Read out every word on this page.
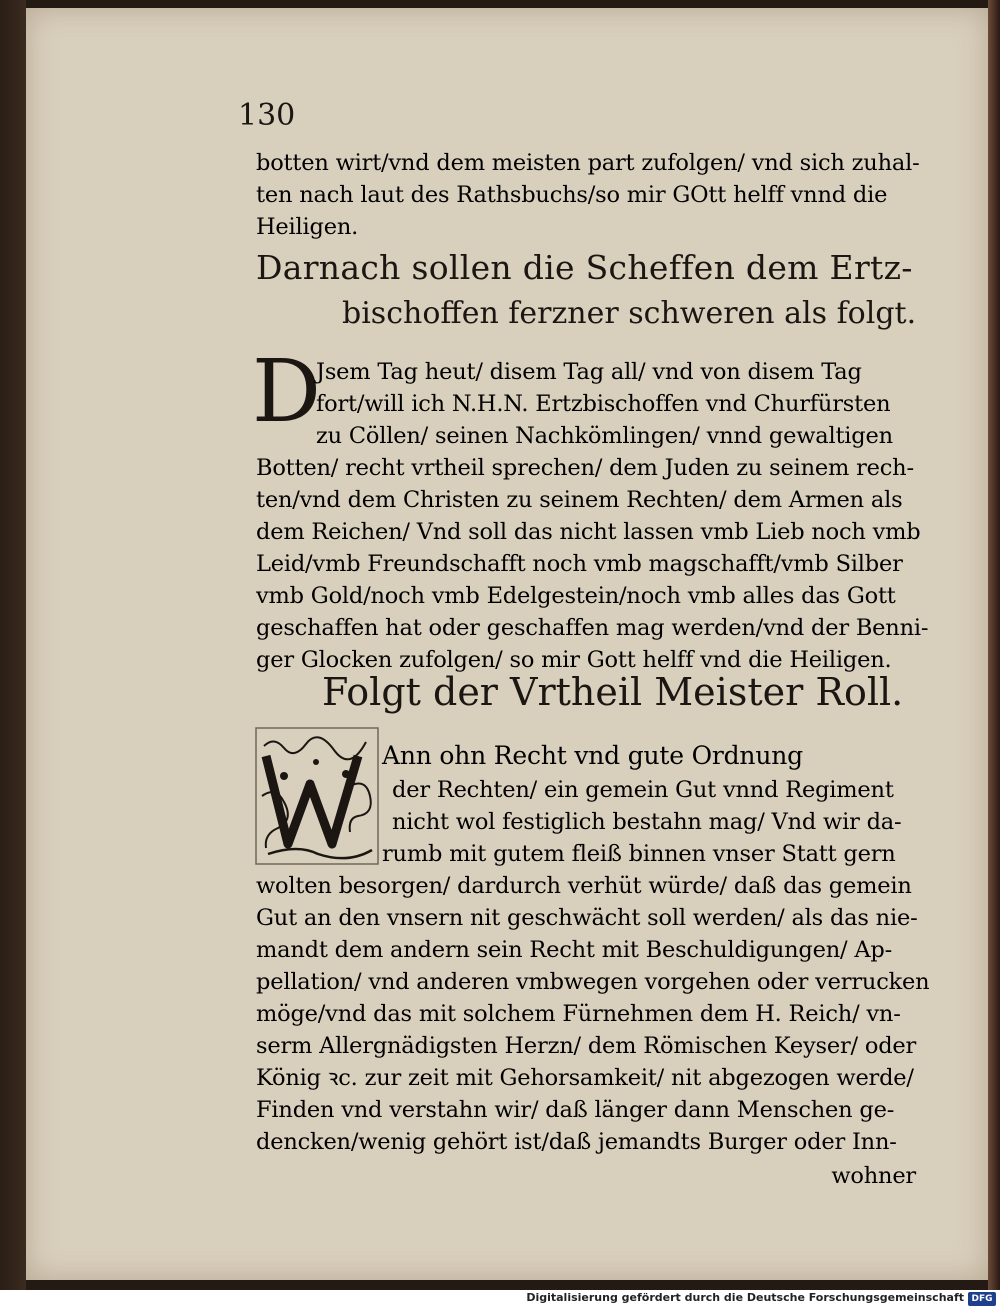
130
botten wirt/vnd dem meisten part zufolgen/ vnd sich zuhal-
ten nach laut des Rathsbuchs/so mir GOtt helff vnnd die
Heiligen.
Darnach sollen die Scheffen dem Ertz-
bischoffen ferzner schweren als folgt.
D
Jsem Tag heut/ disem Tag all/ vnd von disem Tag
fort/will ich N.H.N. Ertzbischoffen vnd Churfürsten
zu Cöllen/ seinen Nachkömlingen/ vnnd gewaltigen
Botten/ recht vrtheil sprechen/ dem Juden zu seinem rech-
ten/vnd dem Christen zu seinem Rechten/ dem Armen als
dem Reichen/ Vnd soll das nicht lassen vmb Lieb noch vmb
Leid/vmb Freundschafft noch vmb magschafft/vmb Silber
vmb Gold/noch vmb Edelgestein/noch vmb alles das Gott
geschaffen hat oder geschaffen mag werden/vnd der Benni-
ger Glocken zufolgen/ so mir Gott helff vnd die Heiligen.
Folgt der Vrtheil Meister Roll.
Ann ohn Recht vnd gute Ordnung
der Rechten/ ein gemein Gut vnnd Regiment
nicht wol festiglich bestahn mag/ Vnd wir da-
rumb mit gutem fleiß binnen vnser Statt gern
wolten besorgen/ dardurch verhüt würde/ daß das gemein
Gut an den vnsern nit geschwächt soll werden/ als das nie-
mandt dem andern sein Recht mit Beschuldigungen/ Ap-
pellation/ vnd anderen vmbwegen vorgehen oder verrucken
möge/vnd das mit solchem Fürnehmen dem H. Reich/ vn-
serm Allergnädigsten Herzn/ dem Römischen Keyser/ oder
König ꝛc. zur zeit mit Gehorsamkeit/ nit abgezogen werde/
Finden vnd verstahn wir/ daß länger dann Menschen ge-
dencken/wenig gehört ist/daß jemandts Burger oder Inn-
wohner
Digitalisierung gefördert durch die Deutsche Forschungsgemeinschaft DFG
